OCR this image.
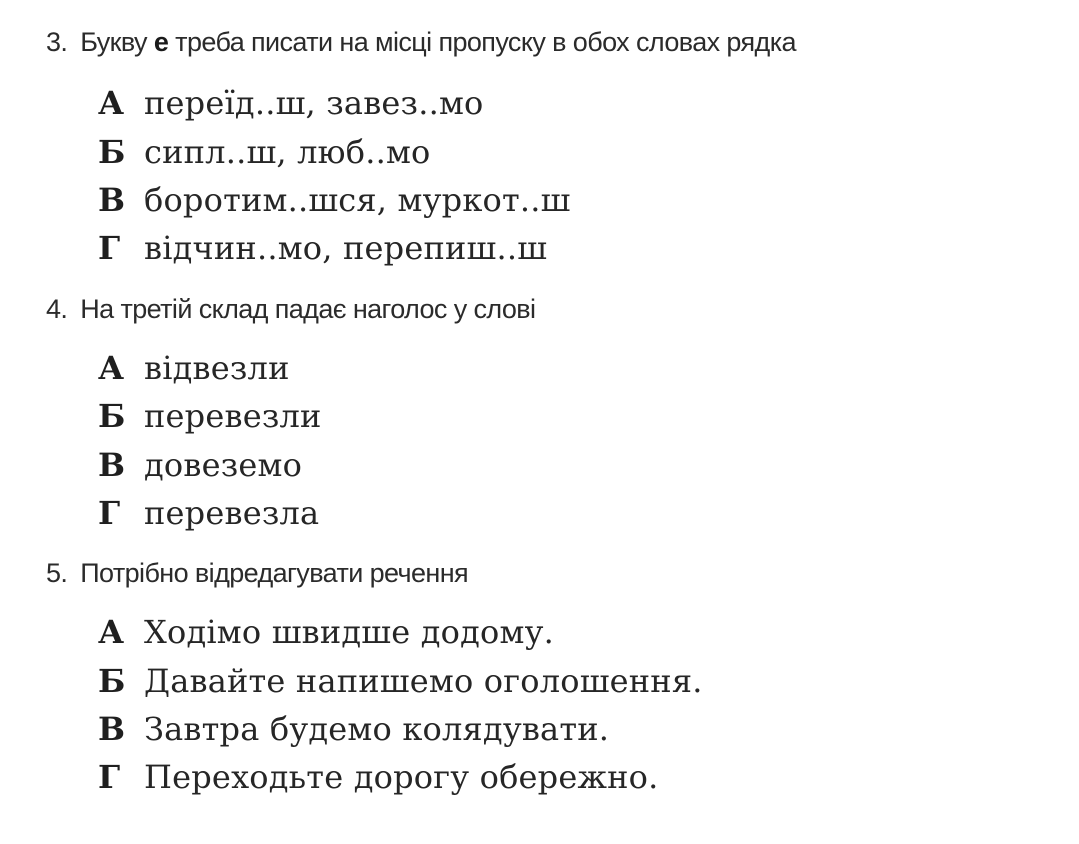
3. Букву е треба писати на місці пропуску в обох словах рядка
А переїд..ш, завез..мо
Б сипл..ш, люб..мо
В боротим..шся, муркот..ш
Г відчин..мо, перепиш..ш
4. На третій склад падає наголос у слові
А відвезли
Б перевезли
В довеземо
Г перевезла
5. Потрібно відредагувати речення
А Ходімо швидше додому.
Б Давайте напишемо оголошення.
В Завтра будемо колядувати.
Г Переходьте дорогу обережно.
